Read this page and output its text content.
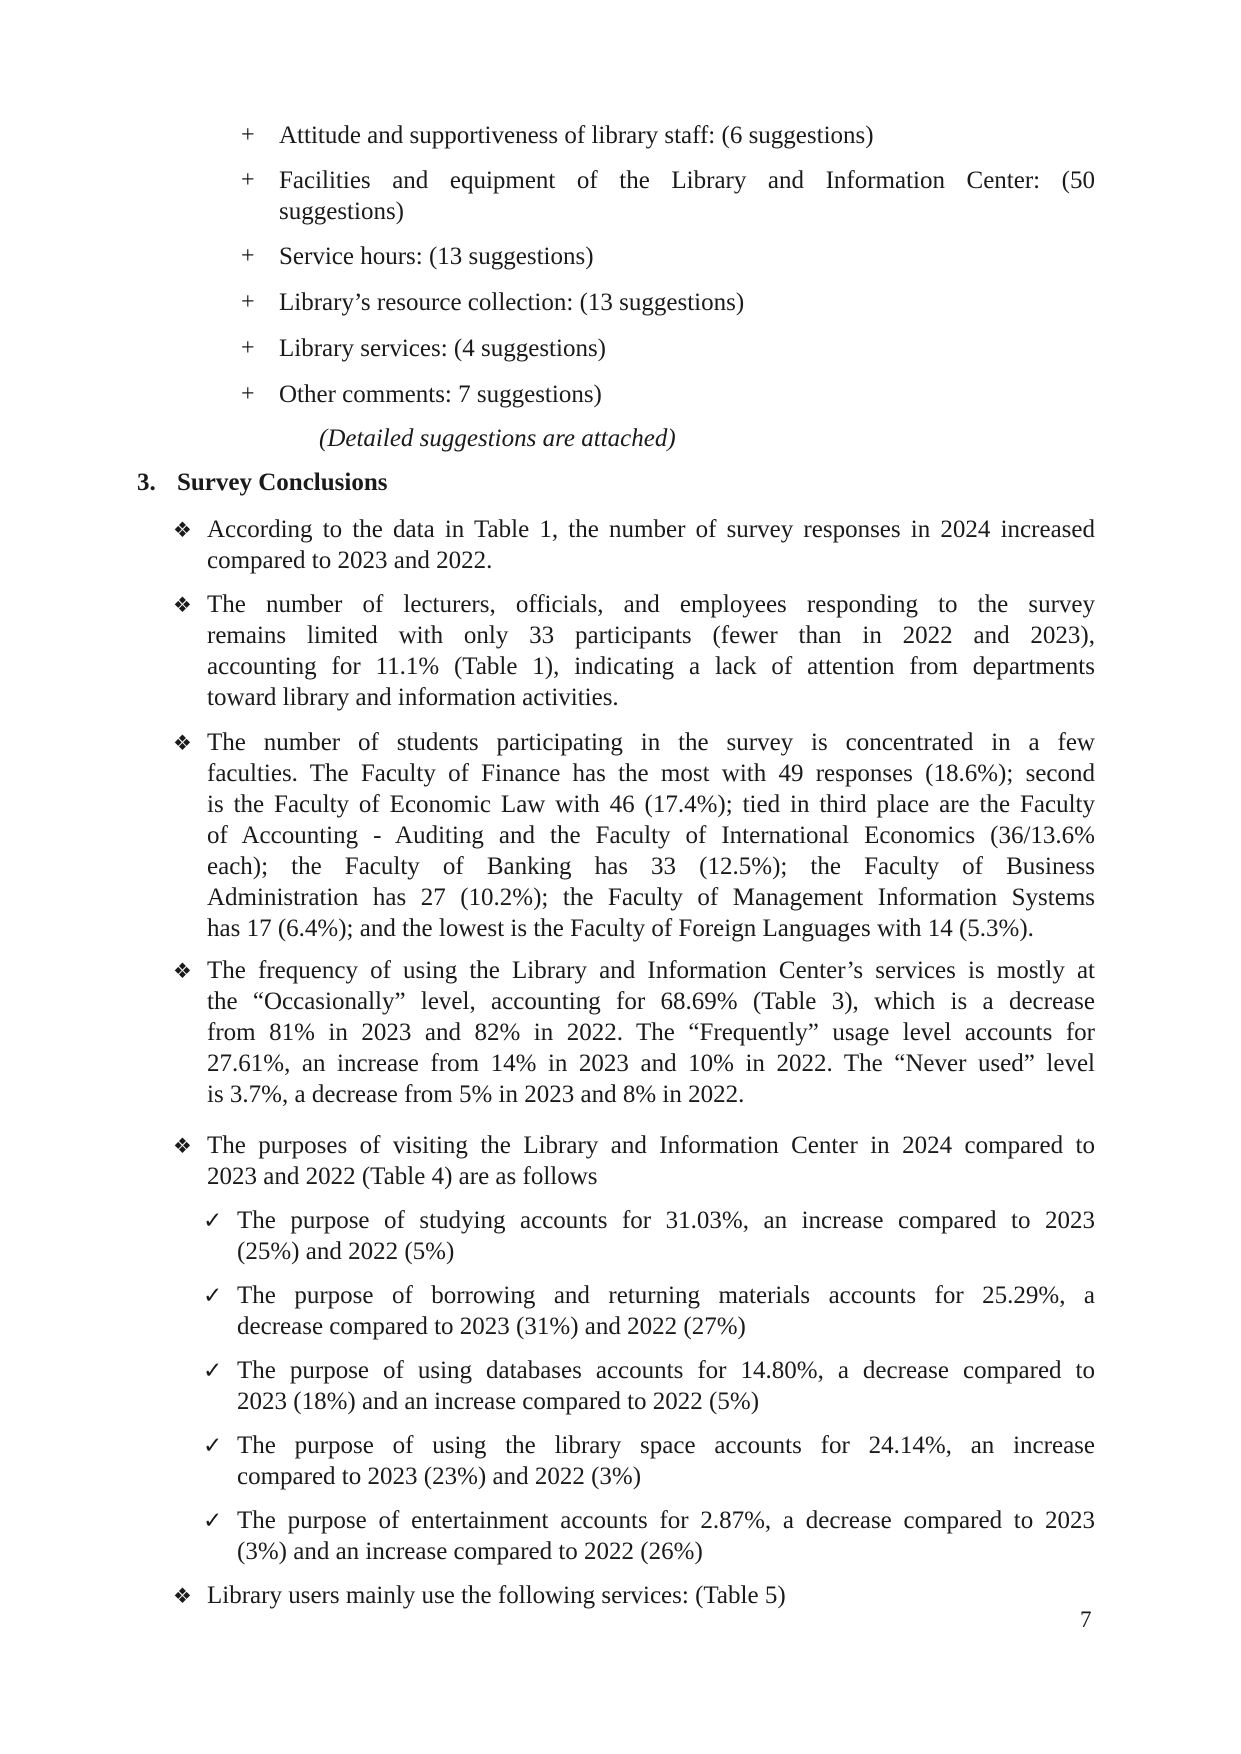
+ Attitude and supportiveness of library staff: (6 suggestions)
+ Facilities and equipment of the Library and Information Center: (50
suggestions)
+ Service hours: (13 suggestions)
+ Library’s resource collection: (13 suggestions)
+ Library services: (4 suggestions)
+ Other comments: 7 suggestions)
(Detailed suggestions are attached)
3. Survey Conclusions
❖ According to the data in Table 1, the number of survey responses in 2024 increased
compared to 2023 and 2022.
❖ The number of lecturers, officials, and employees responding to the survey
remains limited with only 33 participants (fewer than in 2022 and 2023),
accounting for 11.1% (Table 1), indicating a lack of attention from departments
toward library and information activities.
❖ The number of students participating in the survey is concentrated in a few
faculties. The Faculty of Finance has the most with 49 responses (18.6%); second
is the Faculty of Economic Law with 46 (17.4%); tied in third place are the Faculty
of Accounting - Auditing and the Faculty of International Economics (36/13.6%
each); the Faculty of Banking has 33 (12.5%); the Faculty of Business
Administration has 27 (10.2%); the Faculty of Management Information Systems
has 17 (6.4%); and the lowest is the Faculty of Foreign Languages with 14 (5.3%).
❖ The frequency of using the Library and Information Center’s services is mostly at
the “Occasionally” level, accounting for 68.69% (Table 3), which is a decrease
from 81% in 2023 and 82% in 2022. The “Frequently” usage level accounts for
27.61%, an increase from 14% in 2023 and 10% in 2022. The “Never used” level
is 3.7%, a decrease from 5% in 2023 and 8% in 2022.
❖ The purposes of visiting the Library and Information Center in 2024 compared to
2023 and 2022 (Table 4) are as follows
✓ The purpose of studying accounts for 31.03%, an increase compared to 2023
(25%) and 2022 (5%)
✓ The purpose of borrowing and returning materials accounts for 25.29%, a
decrease compared to 2023 (31%) and 2022 (27%)
✓ The purpose of using databases accounts for 14.80%, a decrease compared to
2023 (18%) and an increase compared to 2022 (5%)
✓ The purpose of using the library space accounts for 24.14%, an increase
compared to 2023 (23%) and 2022 (3%)
✓ The purpose of entertainment accounts for 2.87%, a decrease compared to 2023
(3%) and an increase compared to 2022 (26%)
❖ Library users mainly use the following services: (Table 5)
7
